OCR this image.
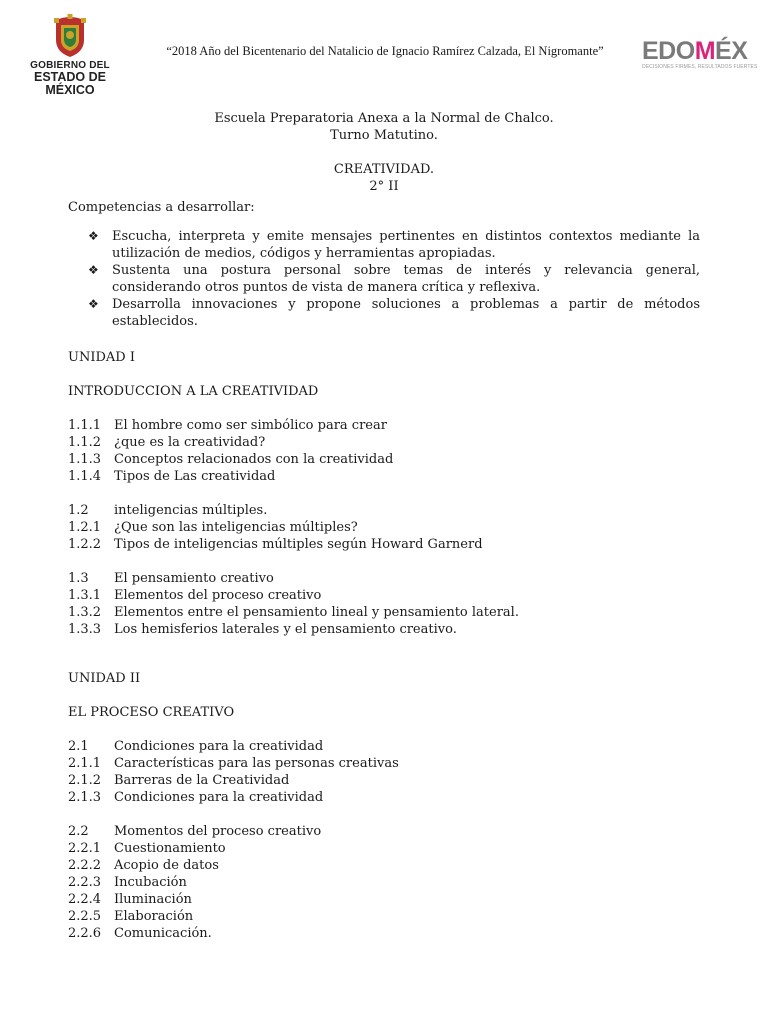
GOBIERNO DEL
ESTADO DE MÉXICO
“2018 Año del Bicentenario del Natalicio de Ignacio Ramírez Calzada, El Nigromante”	EDOMÉX
DECISIONES FIRMES, RESULTADOS FUERTES
Escuela Preparatoria Anexa a la Normal de Chalco.
Turno Matutino.
CREATIVIDAD.
2° II
Competencias a desarrollar:
❖ Escucha, interpreta y emite mensajes pertinentes en distintos contextos mediante la utilización de medios, códigos y herramientas apropiadas.
❖ Sustenta una postura personal sobre temas de interés y relevancia general, considerando otros puntos de vista de manera crítica y reflexiva.
❖ Desarrolla innovaciones y propone soluciones a problemas a partir de métodos establecidos.
UNIDAD I
INTRODUCCION A LA CREATIVIDAD
1.1.1 El hombre como ser simbólico para crear
1.1.2 ¿que es la creatividad?
1.1.3 Conceptos relacionados con la creatividad
1.1.4 Tipos de Las creatividad
1.2	inteligencias múltiples.
1.2.1 ¿Que son las inteligencias múltiples?
1.2.2 Tipos de inteligencias múltiples según Howard Garnerd
1.3	El pensamiento creativo
1.3.1 Elementos del proceso creativo
1.3.2 Elementos entre el pensamiento lineal y pensamiento lateral.
1.3.3 Los hemisferios laterales y el pensamiento creativo.
UNIDAD II
EL PROCESO CREATIVO
2.1	Condiciones para la creatividad
2.1.1 Características para las personas creativas
2.1.2 Barreras de la Creatividad
2.1.3 Condiciones para la creatividad
2.2	Momentos del proceso creativo
2.2.1 Cuestionamiento
2.2.2 Acopio de datos
2.2.3 Incubación
2.2.4 Iluminación
2.2.5 Elaboración
2.2.6 Comunicación.
